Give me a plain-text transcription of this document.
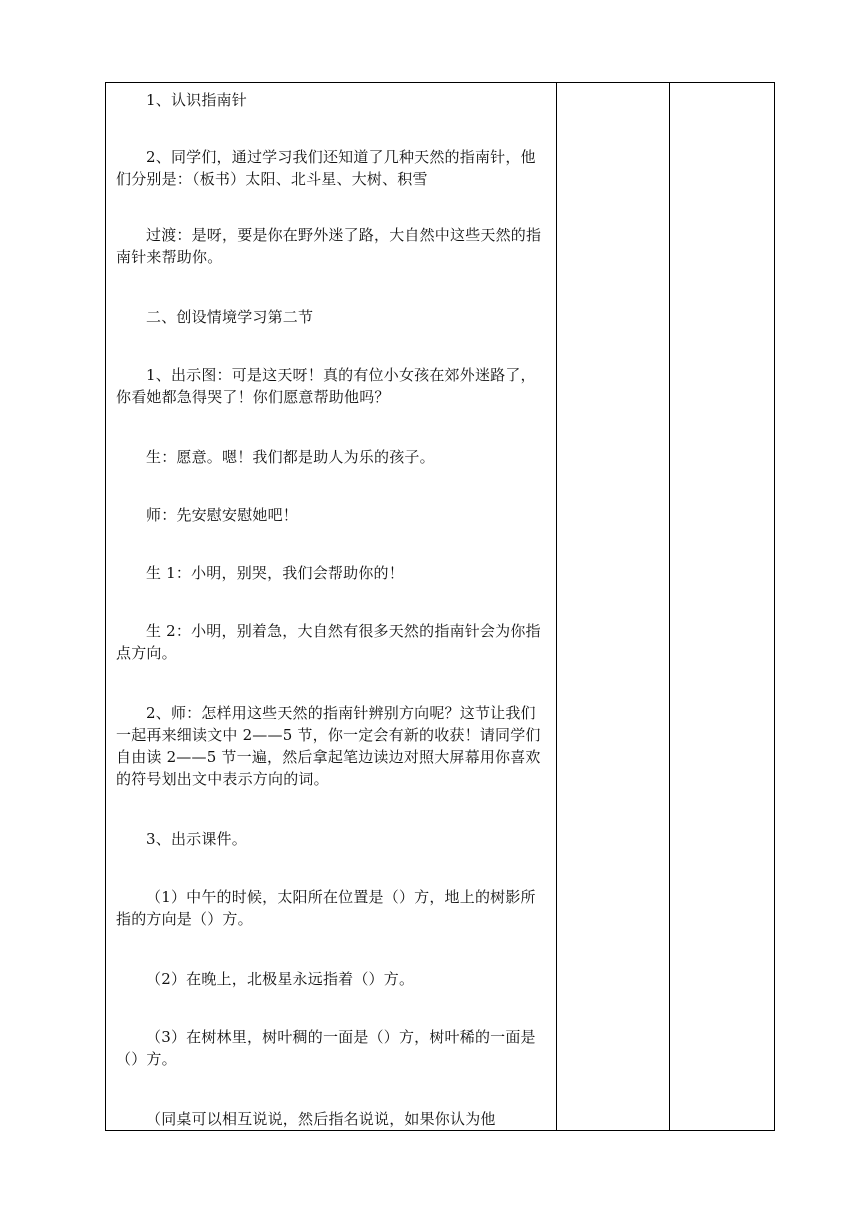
1、认识指南针

2、同学们，通过学习我们还知道了几种天然的指南针，他们分别是：（板书）太阳、北斗星、大树、积雪

过渡：是呀，要是你在野外迷了路，大自然中这些天然的指南针来帮助你。

二、创设情境学习第二节

1、出示图：可是这天呀！真的有位小女孩在郊外迷路了，你看她都急得哭了！你们愿意帮助他吗？

生：愿意。嗯！我们都是助人为乐的孩子。

师：先安慰安慰她吧！

生 1：小明，别哭，我们会帮助你的！

生 2：小明，别着急，大自然有很多天然的指南针会为你指点方向。

2、师：怎样用这些天然的指南针辨别方向呢？这节让我们一起再来细读文中 2——5 节，你一定会有新的收获！请同学们自由读 2——5 节一遍，然后拿起笔边读边对照大屏幕用你喜欢的符号划出文中表示方向的词。

3、出示课件。

（1）中午的时候，太阳所在位置是（）方，地上的树影所指的方向是（）方。

（2）在晚上，北极星永远指着（）方。

（3）在树林里，树叶稠的一面是（）方，树叶稀的一面是（）方。

（同桌可以相互说说，然后指名说说，如果你认为他
